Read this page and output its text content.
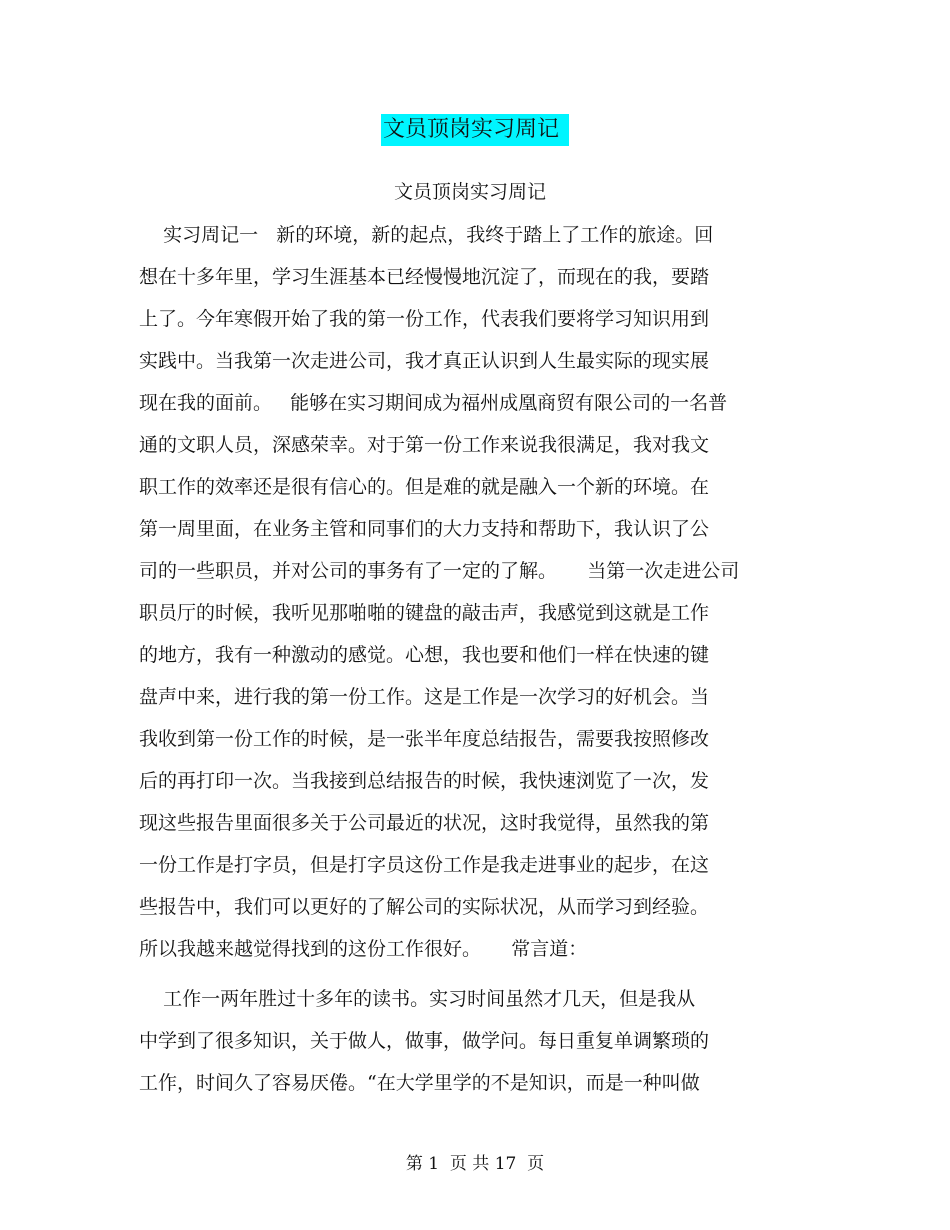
文员顶岗实习周记
文员顶岗实习周记
实习周记一   新的环境，新的起点，我终于踏上了工作的旅途。回
想在十多年里，学习生涯基本已经慢慢地沉淀了，而现在的我，要踏
上了。今年寒假开始了我的第一份工作，代表我们要将学习知识用到
实践中。当我第一次走进公司，我才真正认识到人生最实际的现实展
现在我的面前。   能够在实习期间成为福州成凰商贸有限公司的一名普
通的文职人员，深感荣幸。对于第一份工作来说我很满足，我对我文
职工作的效率还是很有信心的。但是难的就是融入一个新的环境。在
第一周里面，在业务主管和同事们的大力支持和帮助下，我认识了公
司的一些职员，并对公司的事务有了一定的了解。     当第一次走进公司
职员厅的时候，我听见那啪啪的键盘的敲击声，我感觉到这就是工作
的地方，我有一种激动的感觉。心想，我也要和他们一样在快速的键
盘声中来，进行我的第一份工作。这是工作是一次学习的好机会。当
我收到第一份工作的时候，是一张半年度总结报告，需要我按照修改
后的再打印一次。当我接到总结报告的时候，我快速浏览了一次，发
现这些报告里面很多关于公司最近的状况，这时我觉得，虽然我的第
一份工作是打字员，但是打字员这份工作是我走进事业的起步，在这
些报告中，我们可以更好的了解公司的实际状况，从而学习到经验。
所以我越来越觉得找到的这份工作很好。     常言道：
工作一两年胜过十多年的读书。实习时间虽然才几天，但是我从
中学到了很多知识，关于做人，做事，做学问。每日重复单调繁琐的
工作，时间久了容易厌倦。“在大学里学的不是知识，而是一种叫做
第 1  页 共 17  页
